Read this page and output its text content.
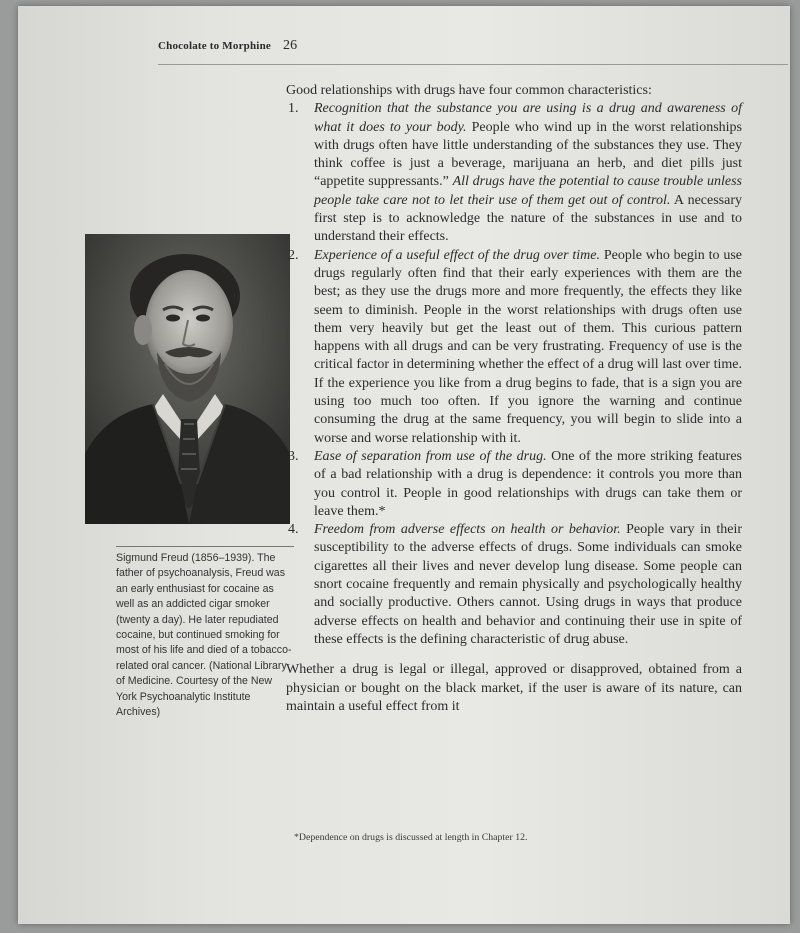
Chocolate to Morphine 26
Sigmund Freud (1856–1939). The father of psychoanalysis, Freud was an early enthusiast for cocaine as well as an addicted cigar smoker (twenty a day). He later repudiated cocaine, but continued smoking for most of his life and died of a tobacco-related oral cancer. (National Library of Medicine. Courtesy of the New York Psychoanalytic Institute Archives)

Good relationships with drugs have four common characteristics:

1. Recognition that the substance you are using is a drug and awareness of what it does to your body. People who wind up in the worst relationships with drugs often have little understanding of the substances they use. They think coffee is just a beverage, marijuana an herb, and diet pills just “appetite suppressants.” All drugs have the potential to cause trouble unless people take care not to let their use of them get out of control. A necessary first step is to acknowledge the nature of the substances in use and to understand their effects.
2. Experience of a useful effect of the drug over time. People who begin to use drugs regularly often find that their early experiences with them are the best; as they use the drugs more and more frequently, the effects they like seem to diminish. People in the worst relationships with drugs often use them very heavily but get the least out of them. This curious pattern happens with all drugs and can be very frustrating. Frequency of use is the critical factor in determining whether the effect of a drug will last over time. If the experience you like from a drug begins to fade, that is a sign you are using too much too often. If you ignore the warning and continue consuming the drug at the same frequency, you will begin to slide into a worse and worse relationship with it.
3. Ease of separation from use of the drug. One of the more striking features of a bad relationship with a drug is dependence: it controls you more than you control it. People in good relationships with drugs can take them or leave them.*
4. Freedom from adverse effects on health or behavior. People vary in their susceptibility to the adverse effects of drugs. Some individuals can smoke cigarettes all their lives and never develop lung disease. Some people can snort cocaine frequently and remain physically and psychologically healthy and socially productive. Others cannot. Using drugs in ways that produce adverse effects on health and behavior and continuing their use in spite of these effects is the defining characteristic of drug abuse.

Whether a drug is legal or illegal, approved or disapproved, obtained from a physician or bought on the black market, if the user is aware of its nature, can maintain a useful effect from it

*Dependence on drugs is discussed at length in Chapter 12.
